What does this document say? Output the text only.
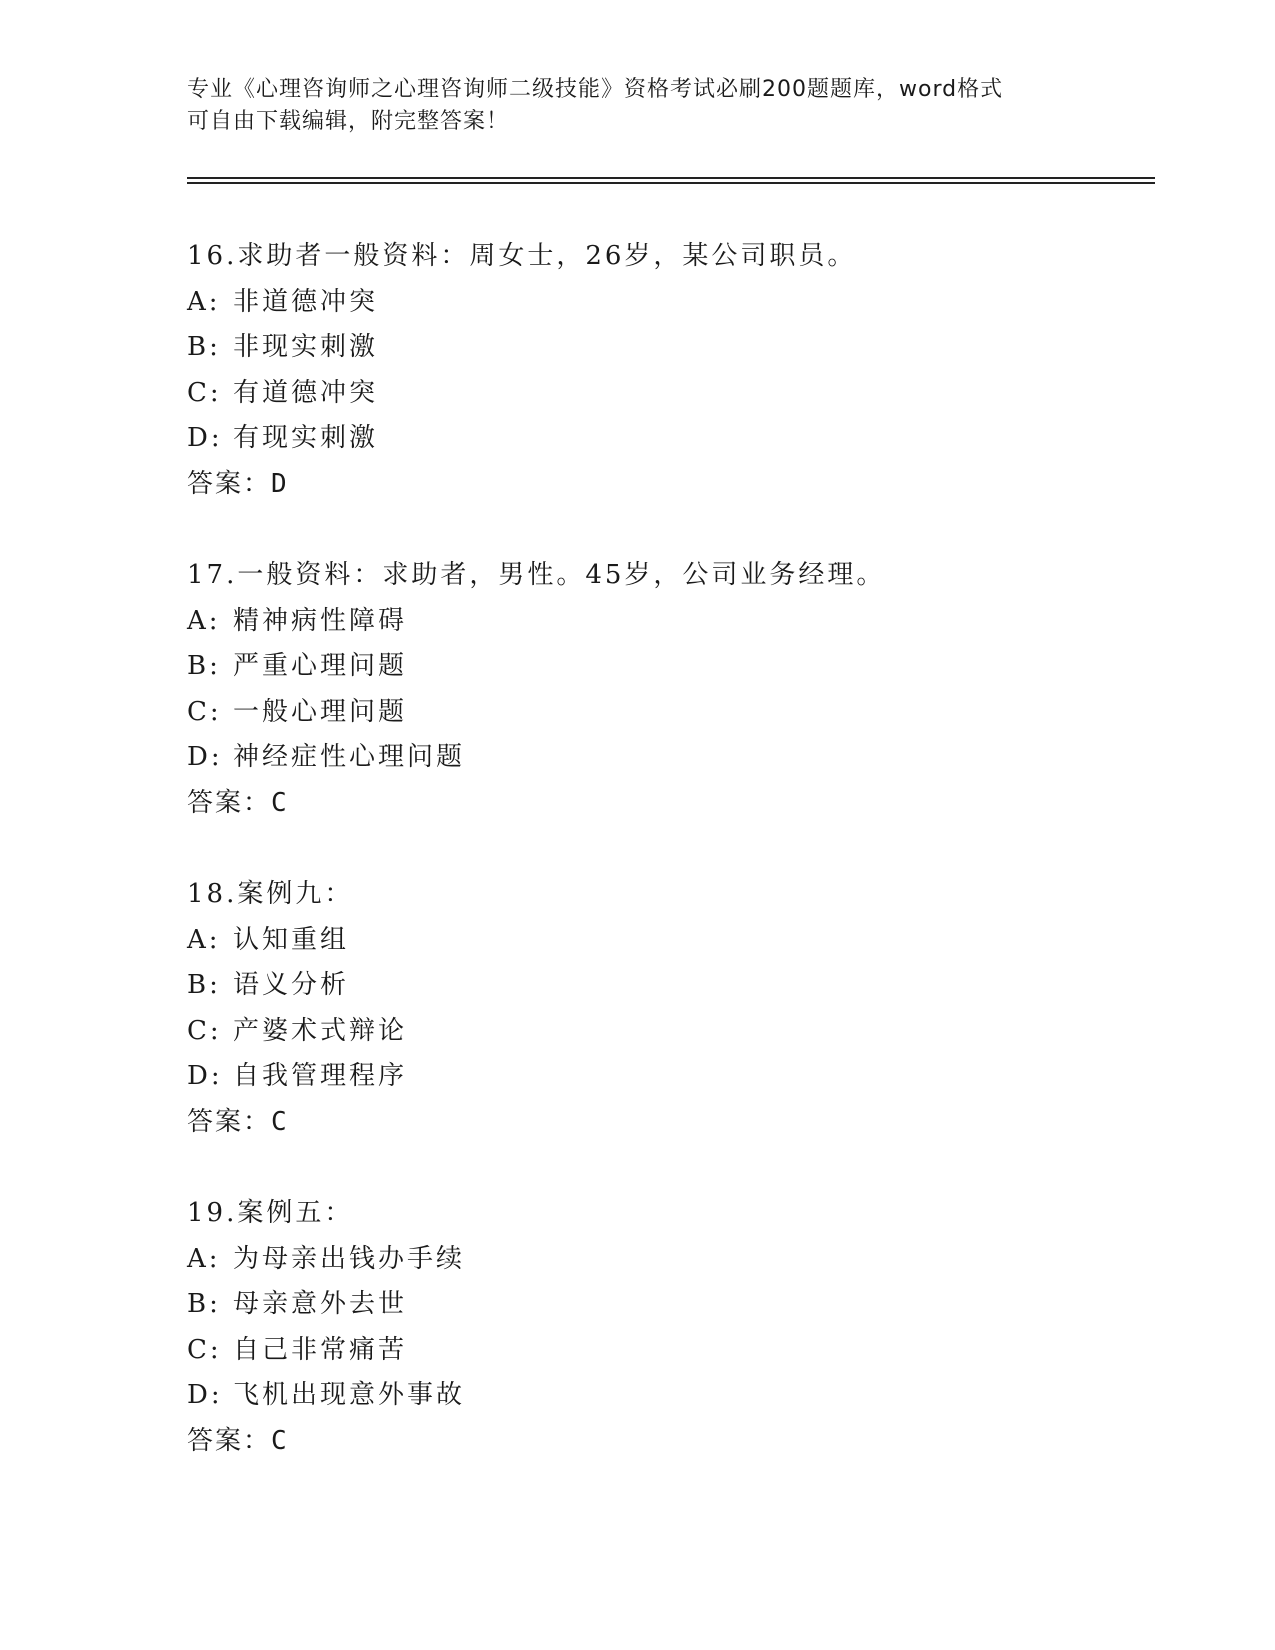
专业《心理咨询师之心理咨询师二级技能》资格考试必刷200题题库，word格式
可自由下载编辑，附完整答案！
16.求助者一般资料：周女士，26岁，某公司职员。
A: 非道德冲突
B: 非现实刺激
C: 有道德冲突
D: 有现实刺激
答案：D
17.一般资料：求助者，男性。45岁，公司业务经理。
A: 精神病性障碍
B: 严重心理问题
C: 一般心理问题
D: 神经症性心理问题
答案：C
18.案例九：
A: 认知重组
B: 语义分析
C: 产婆术式辩论
D: 自我管理程序
答案：C
19.案例五：
A: 为母亲出钱办手续
B: 母亲意外去世
C: 自己非常痛苦
D: 飞机出现意外事故
答案：C
